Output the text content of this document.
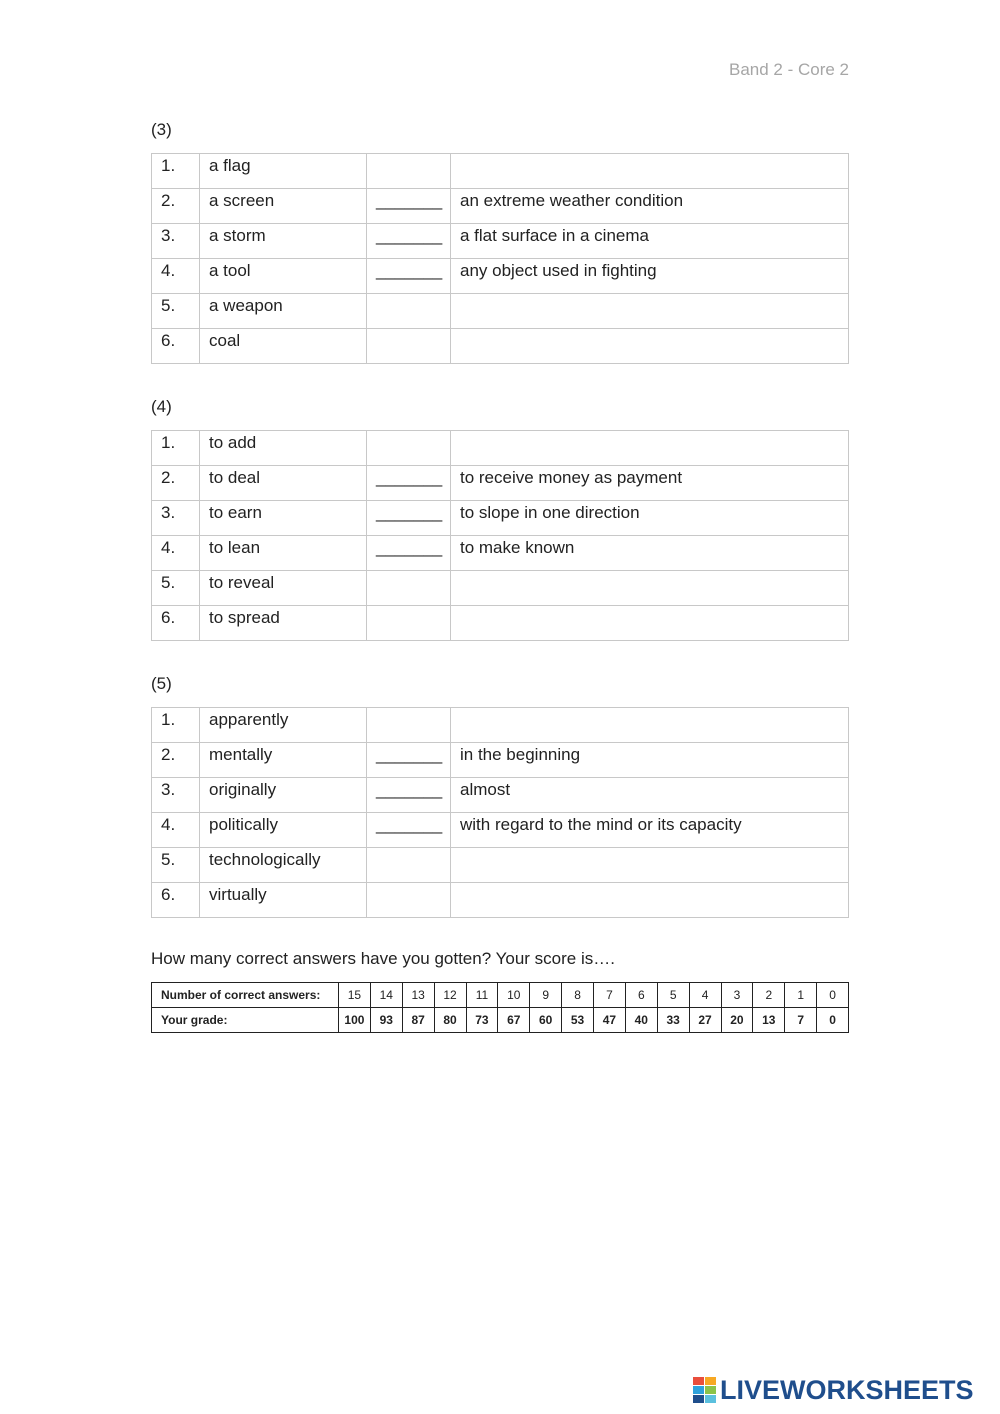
Band 2 - Core 2
(3)
1.	a flag		
2.	a screen	_______	an extreme weather condition
3.	a storm	_______	a flat surface in a cinema
4.	a tool	_______	any object used in fighting
5.	a weapon		
6.	coal		
(4)
1.	to add		
2.	to deal	_______	to receive money as payment
3.	to earn	_______	to slope in one direction
4.	to lean	_______	to make known
5.	to reveal		
6.	to spread		
(5)
1.	apparently		
2.	mentally	_______	in the beginning
3.	originally	_______	almost
4.	politically	_______	with regard to the mind or its capacity
5.	technologically		
6.	virtually		
How many correct answers have you gotten? Your score is….
Number of correct answers:	15	14	13	12	11	10	9	8	7	6	5	4	3	2	1	0
Your grade:	100	93	87	80	73	67	60	53	47	40	33	27	20	13	7	0
LIVEWORKSHEETS
